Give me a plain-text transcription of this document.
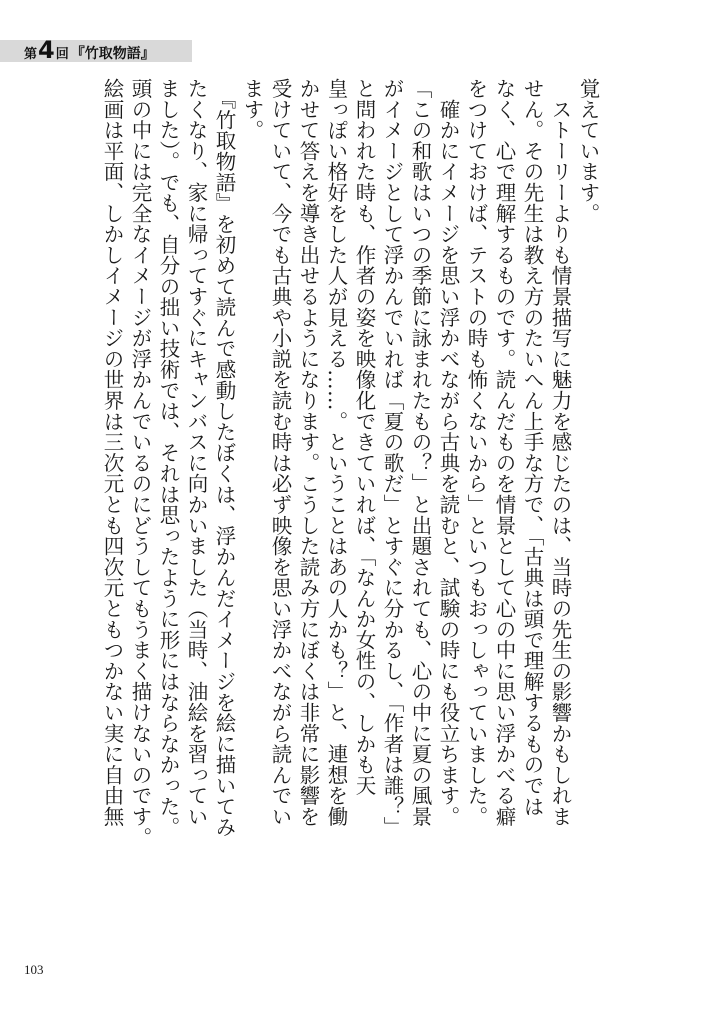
第 4 回 『竹取物語』
覚えています。
　ストーリーよりも情景描写に魅力を感じたのは、当時の先生の影響かもしれま
せん。その先生は教え方のたいへん上手な方で、「古典は頭で理解するものでは
なく、心で理解するものです。読んだものを情景として心の中に思い浮かべる癖
をつけておけば、テストの時も怖くないから」といつもおっしゃっていました。
　確かにイメージを思い浮かべながら古典を読むと、試験の時にも役立ちます。
「この和歌はいつの季節に詠まれたもの？」と出題されても、心の中に夏の風景
がイメージとして浮かんでいれば「夏の歌だ」とすぐに分かるし、「作者は誰？」
と問われた時も、作者の姿を映像化できていれば、「なんか女性の、しかも天
皇っぽい格好をした人が見える……。ということはあの人かも？」と、連想を働
かせて答えを導き出せるようになります。こうした読み方にぼくは非常に影響を
受けていて、今でも古典や小説を読む時は必ず映像を思い浮かべながら読んでい
ます。
　『竹取物語』を初めて読んで感動したぼくは、浮かんだイメージを絵に描いてみ
たくなり、家に帰ってすぐにキャンバスに向かいました（当時、油絵を習ってい
ました）。でも、自分の拙い技術では、それは思ったように形にはならなかった。
頭の中には完全なイメージが浮かんでいるのにどうしてもうまく描けないのです。
絵画は平面、しかしイメージの世界は三次元とも四次元ともつかない実に自由無
103
